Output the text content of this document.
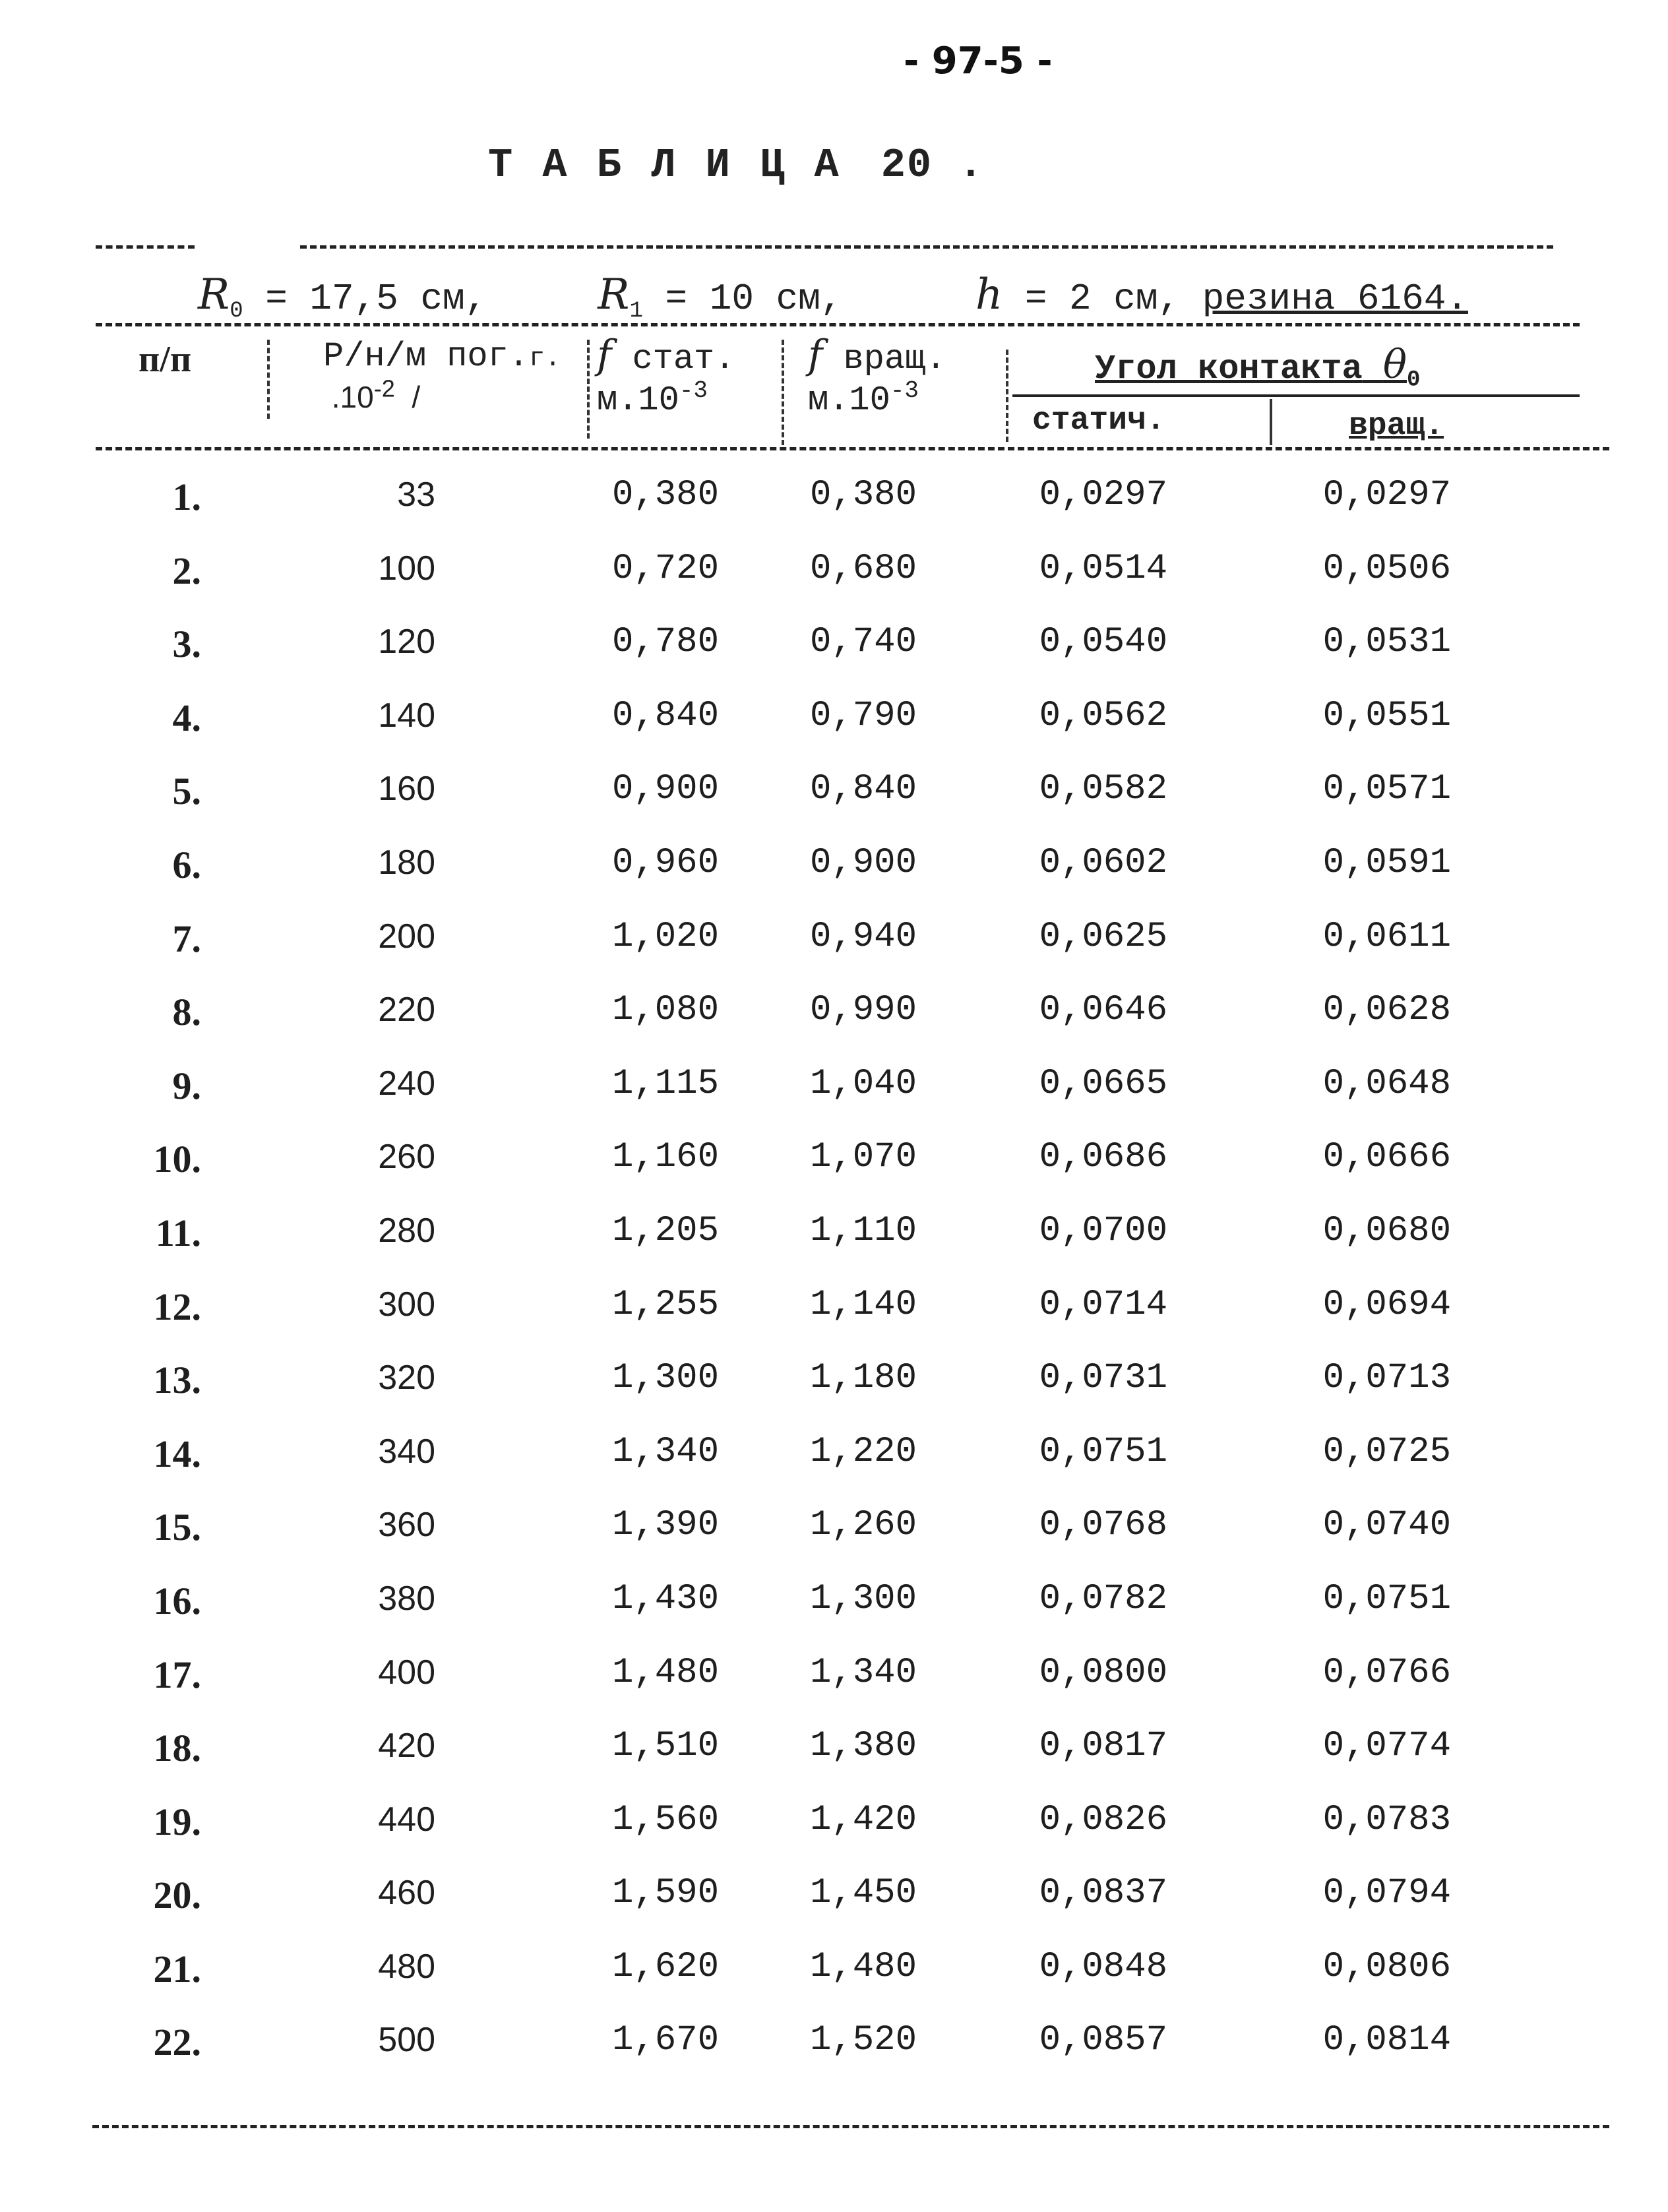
- 97-5 -
Т А Б Л И Ц А 20 .
$R_0 = 17,5$ см,	$R_1 = 10$ см,	h = 2 см, резина 6164.
п/п	P/н/м пог.г.
$.10^{-2}$ /
f стат.
$м.10^{-3}$
f вращ.
$м.10^{-3}$
Угол контакта $\theta_0$
статич.	вращ.
1.	33	0,380	0,380	0,0297	0,0297
2.	100	0,720	0,680	0,0514	0,0506
3.	120	0,780	0,740	0,0540	0,0531
4.	140	0,840	0,790	0,0562	0,0551
5.	160	0,900	0,840	0,0582	0,0571
6.	180	0,960	0,900	0,0602	0,0591
7.	200	1,020	0,940	0,0625	0,0611
8.	220	1,080	0,990	0,0646	0,0628
9.	240	1,115	1,040	0,0665	0,0648
10.	260	1,160	1,070	0,0686	0,0666
11.	280	1,205	1,110	0,0700	0,0680
12.	300	1,255	1,140	0,0714	0,0694
13.	320	1,300	1,180	0,0731	0,0713
14.	340	1,340	1,220	0,0751	0,0725
15.	360	1,390	1,260	0,0768	0,0740
16.	380	1,430	1,300	0,0782	0,0751
17.	400	1,480	1,340	0,0800	0,0766
18.	420	1,510	1,380	0,0817	0,0774
19.	440	1,560	1,420	0,0826	0,0783
20.	460	1,590	1,450	0,0837	0,0794
21.	480	1,620	1,480	0,0848	0,0806
22.	500	1,670	1,520	0,0857	0,0814
